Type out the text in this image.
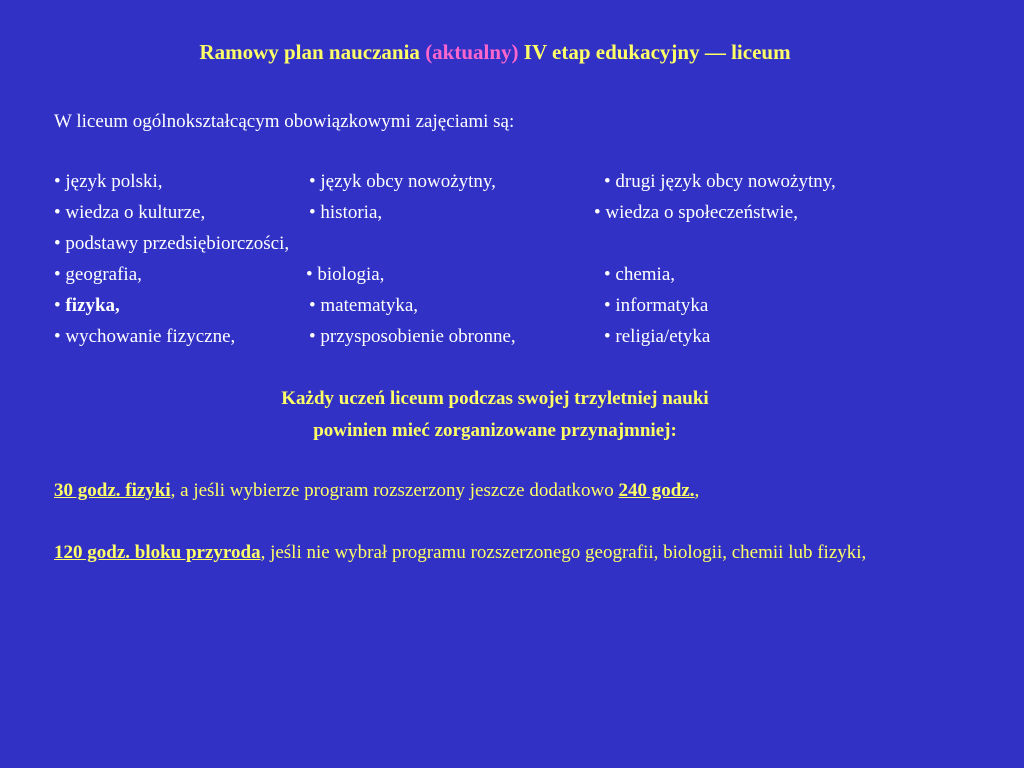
Ramowy plan nauczania (aktualny) IV etap edukacyjny — liceum
W liceum ogólnokształcącym obowiązkowymi zajęciami są:
• język polski,	• język obcy nowożytny,	• drugi język obcy nowożytny,
• wiedza o kulturze,	• historia,	• wiedza o społeczeństwie,
• podstawy przedsiębiorczości,
• geografia,	• biologia,	• chemia,
• fizyka,	• matematyka,	• informatyka
• wychowanie fizyczne,	• przysposobienie obronne,	• religia/etyka
Każdy uczeń liceum podczas swojej trzyletniej nauki
powinien mieć zorganizowane przynajmniej:
30 godz. fizyki, a jeśli wybierze program rozszerzony jeszcze dodatkowo 240 godz.,
120 godz. bloku przyroda, jeśli nie wybrał programu rozszerzonego geografii, biologii, chemii lub fizyki,
